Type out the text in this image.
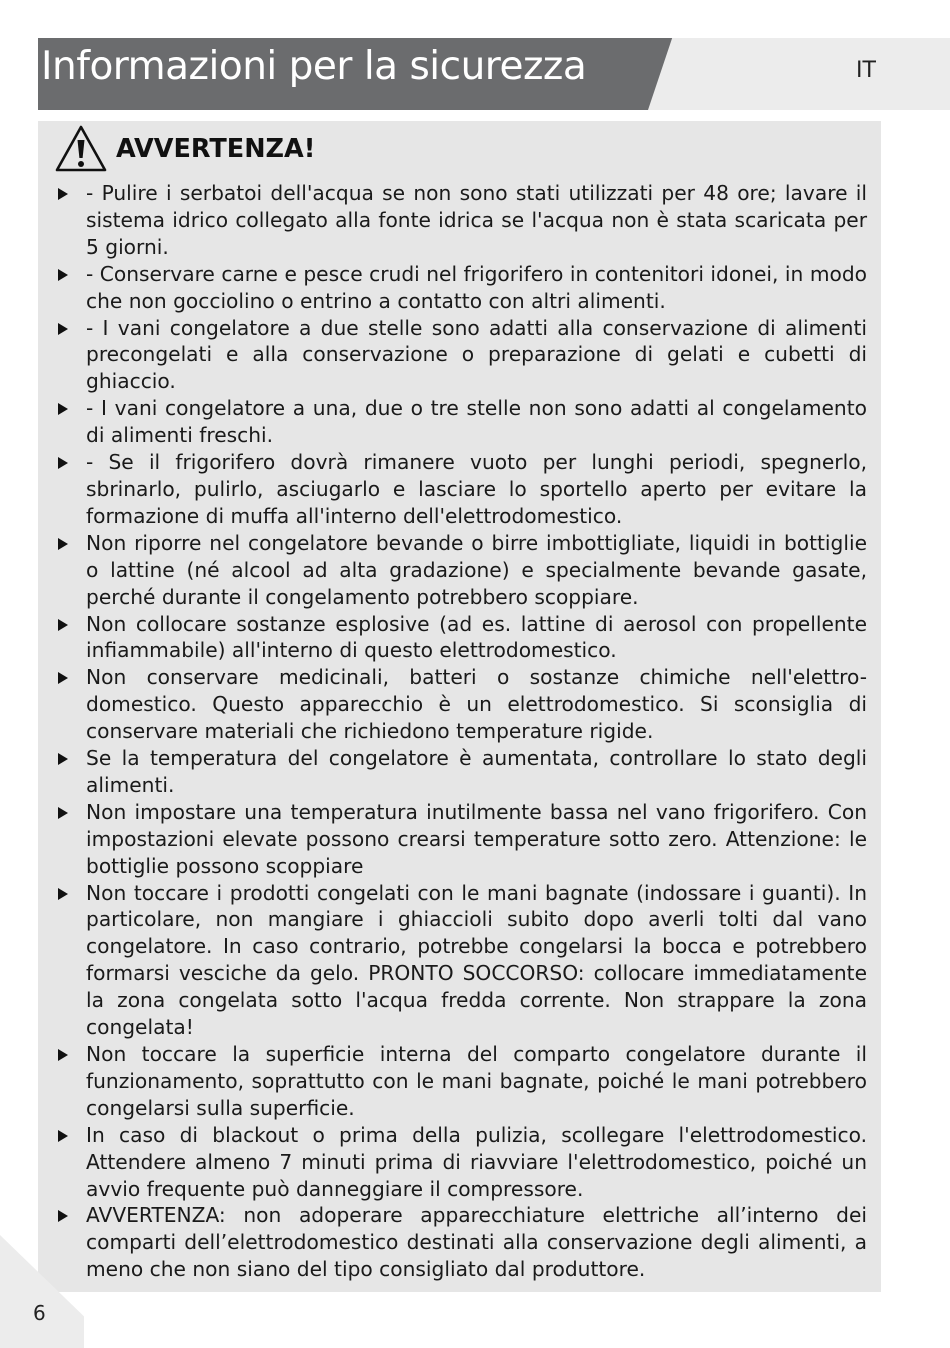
Informazioni per la sicurezza	IT
AVVERTENZA!
- Pulire i serbatoi dell'acqua se non sono stati utilizzati per 48 ore; lavare il sistema idrico collegato alla fonte idrica se l'acqua non è stata scaricata per 5 giorni.
- Conservare carne e pesce crudi nel frigorifero in contenitori idonei, in modo che non gocciolino o entrino a contatto con altri alimenti.
- I vani congelatore a due stelle sono adatti alla conservazione di alimenti precongelati e alla conservazione o preparazione di gelati e cubetti di ghiaccio.
- I vani congelatore a una, due o tre stelle non sono adatti al congelamento di alimenti freschi.
- Se il frigorifero dovrà rimanere vuoto per lunghi periodi, spegnerlo, sbrinarlo, pulirlo, asciugarlo e lasciare lo sportello aperto per evitare la formazione di muffa all'interno dell'elettrodomestico.
Non riporre nel congelatore bevande o birre imbottigliate, liquidi in bottiglie o lattine (né alcool ad alta gradazione) e specialmente bevande gasate, perché durante il congelamento potrebbero scoppiare.
Non collocare sostanze esplosive (ad es. lattine di aerosol con propellente infiammabile) all'interno di questo elettrodomestico.
Non conservare medicinali, batteri o sostanze chimiche nell'elettro-domestico. Questo apparecchio è un elettrodomestico. Si sconsiglia di conservare materiali che richiedono temperature rigide.
Se la temperatura del congelatore è aumentata, controllare lo stato degli alimenti.
Non impostare una temperatura inutilmente bassa nel vano frigorifero. Con impostazioni elevate possono crearsi temperature sotto zero. Attenzione: le bottiglie possono scoppiare
Non toccare i prodotti congelati con le mani bagnate (indossare i guanti). In particolare, non mangiare i ghiaccioli subito dopo averli tolti dal vano congelatore. In caso contrario, potrebbe congelarsi la bocca e potrebbero formarsi vesciche da gelo. PRONTO SOCCORSO: collocare immediatamente la zona congelata sotto l'acqua fredda corrente. Non strappare la zona congelata!
Non toccare la superficie interna del comparto congelatore durante il funzionamento, soprattutto con le mani bagnate, poiché le mani potrebbero congelarsi sulla superficie.
In caso di blackout o prima della pulizia, scollegare l'elettrodomestico. Attendere almeno 7 minuti prima di riavviare l'elettrodomestico, poiché un avvio frequente può danneggiare il compressore.
AVVERTENZA: non adoperare apparecchiature elettriche all’interno dei comparti dell’elettrodomestico destinati alla conservazione degli alimenti, a meno che non siano del tipo consigliato dal produttore.
6
